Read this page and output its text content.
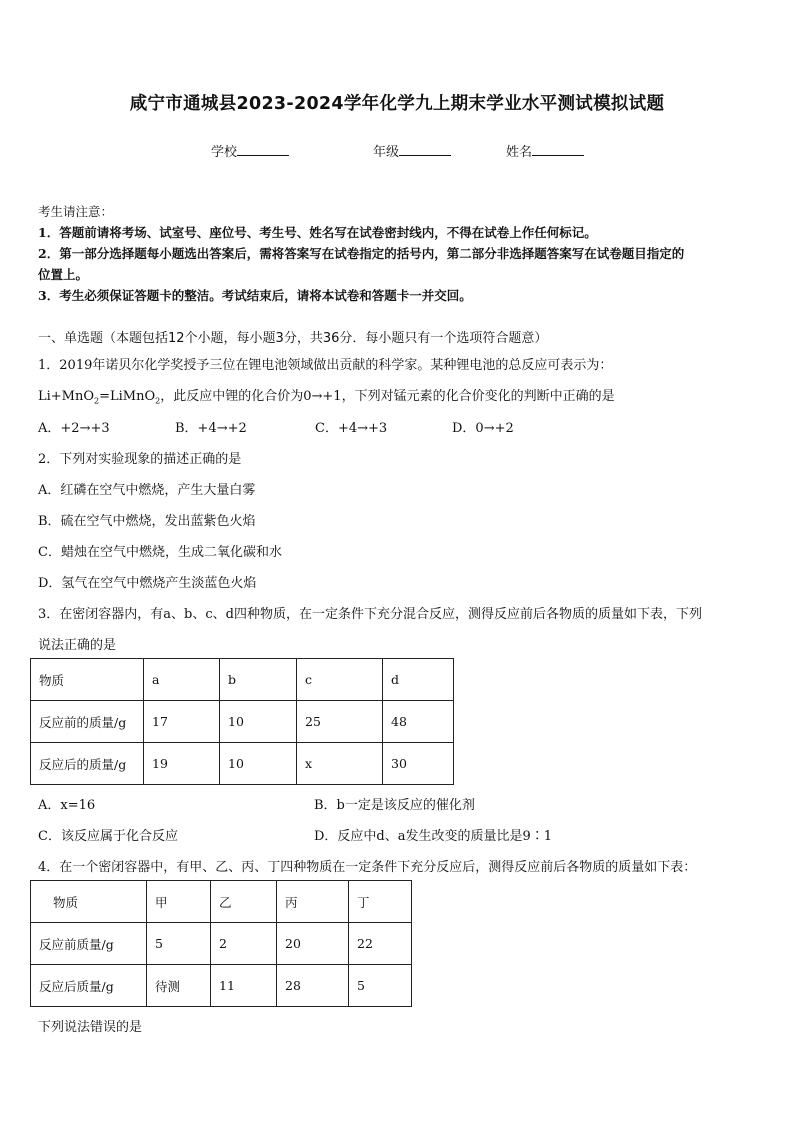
咸宁市通城县2023-2024学年化学九上期末学业水平测试模拟试题
学校	年级	姓名
考生请注意：
1．答题前请将考场、试室号、座位号、考生号、姓名写在试卷密封线内，不得在试卷上作任何标记。
2．第一部分选择题每小题选出答案后，需将答案写在试卷指定的括号内，第二部分非选择题答案写在试卷题目指定的
位置上。
3．考生必须保证答题卡的整洁。考试结束后，请将本试卷和答题卡一并交回。
一、单选题（本题包括12个小题，每小题3分，共36分．每小题只有一个选项符合题意）
1．2019年诺贝尔化学奖授予三位在锂电池领域做出贡献的科学家。某种锂电池的总反应可表示为：
Li+MnO$_2$=LiMnO$_2$，此反应中锂的化合价为0→+1，下列对锰元素的化合价变化的判断中正确的是
A．+2→+3	B．+4→+2	C．+4→+3	D．0→+2
2．下列对实验现象的描述正确的是
A．红磷在空气中燃烧，产生大量白雾
B．硫在空气中燃烧，发出蓝紫色火焰
C．蜡烛在空气中燃烧，生成二氧化碳和水
D．氢气在空气中燃烧产生淡蓝色火焰
3．在密闭容器内，有a、b、c、d四种物质，在一定条件下充分混合反应，测得反应前后各物质的质量如下表，下列
说法正确的是
物质	a	b	c	d
反应前的质量/g	17	10	25	48
反应后的质量/g	19	10	x	30
A．x=16	B．b一定是该反应的催化剂
C．该反应属于化合反应	D．反应中d、a发生改变的质量比是9∶1
4．在一个密闭容器中，有甲、乙、丙、丁四种物质在一定条件下充分反应后，测得反应前后各物质的质量如下表：
物质	甲	乙	丙	丁
反应前质量/g	5	2	20	22
反应后质量/g	待测	11	28	5
下列说法错误的是
